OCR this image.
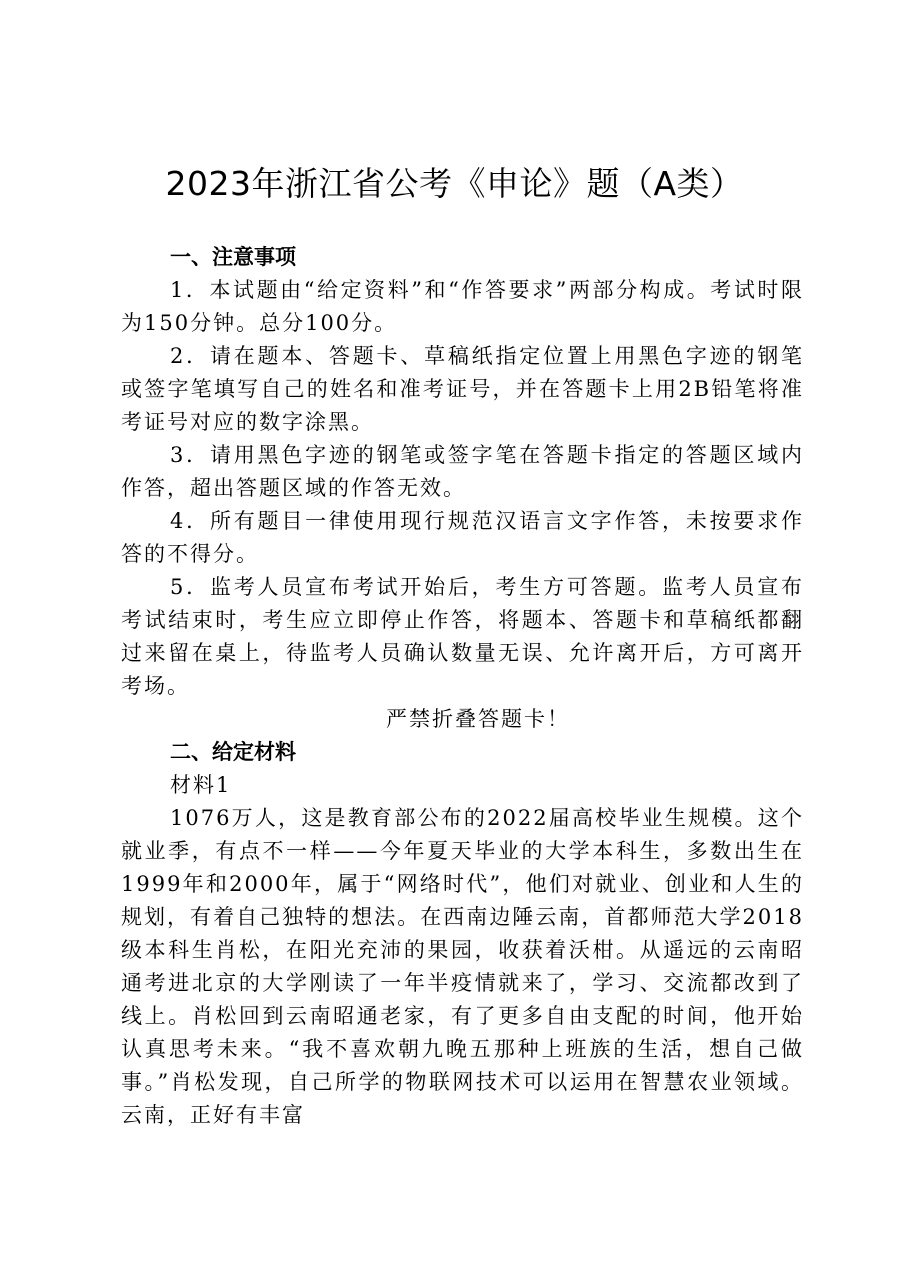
2023年浙江省公考《申论》题（A类）
一、注意事项

1．本试题由“给定资料”和“作答要求”两部分构成。考试时限为150分钟。总分100分。

2．请在题本、答题卡、草稿纸指定位置上用黑色字迹的钢笔或签字笔填写自己的姓名和准考证号，并在答题卡上用2B铅笔将准考证号对应的数字涂黑。

3．请用黑色字迹的钢笔或签字笔在答题卡指定的答题区域内作答，超出答题区域的作答无效。

4．所有题目一律使用现行规范汉语言文字作答，未按要求作答的不得分。

5．监考人员宣布考试开始后，考生方可答题。监考人员宣布考试结束时，考生应立即停止作答，将题本、答题卡和草稿纸都翻过来留在桌上，待监考人员确认数量无误、允许离开后，方可离开考场。

严禁折叠答题卡！
二、给定材料
材料1

1076万人，这是教育部公布的2022届高校毕业生规模。这个就业季，有点不一样——今年夏天毕业的大学本科生，多数出生在1999年和2000年，属于“网络时代”，他们对就业、创业和人生的规划，有着自己独特的想法。在西南边陲云南，首都师范大学2018级本科生肖松，在阳光充沛的果园，收获着沃柑。从遥远的云南昭通考进北京的大学刚读了一年半疫情就来了，学习、交流都改到了线上。肖松回到云南昭通老家，有了更多自由支配的时间，他开始认真思考未来。“我不喜欢朝九晚五那种上班族的生活，想自己做事。”肖松发现，自己所学的物联网技术可以运用在智慧农业领域。云南，正好有丰富
